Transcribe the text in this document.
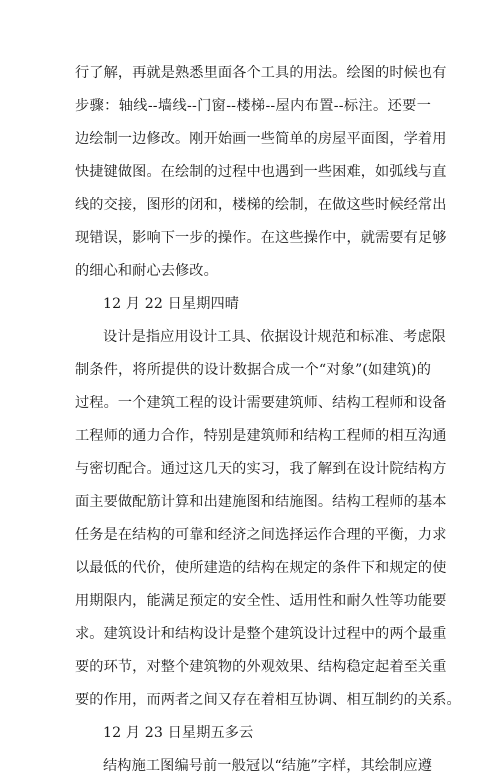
行了解，再就是熟悉里面各个工具的用法。绘图的时候也有
步骤：轴线--墙线--门窗--楼梯--屋内布置--标注。还要一
边绘制一边修改。刚开始画一些简单的房屋平面图，学着用
快捷键做图。在绘制的过程中也遇到一些困难，如弧线与直
线的交接，图形的闭和，楼梯的绘制，在做这些时候经常出
现错误，影响下一步的操作。在这些操作中，就需要有足够
的细心和耐心去修改。
12 月 22 日星期四晴
设计是指应用设计工具、依据设计规范和标准、考虑限
制条件，将所提供的设计数据合成一个“对象”(如建筑)的
过程。一个建筑工程的设计需要建筑师、结构工程师和设备
工程师的通力合作，特别是建筑师和结构工程师的相互沟通
与密切配合。通过这几天的实习，我了解到在设计院结构方
面主要做配筋计算和出建施图和结施图。结构工程师的基本
任务是在结构的可靠和经济之间选择运作合理的平衡，力求
以最低的代价，使所建造的结构在规定的条件下和规定的使
用期限内，能满足预定的安全性、适用性和耐久性等功能要
求。建筑设计和结构设计是整个建筑设计过程中的两个最重
要的环节，对整个建筑物的外观效果、结构稳定起着至关重
要的作用，而两者之间又存在着相互协调、相互制约的关系。
12 月 23 日星期五多云
结构施工图编号前一般冠以“结施”字样，其绘制应遵
